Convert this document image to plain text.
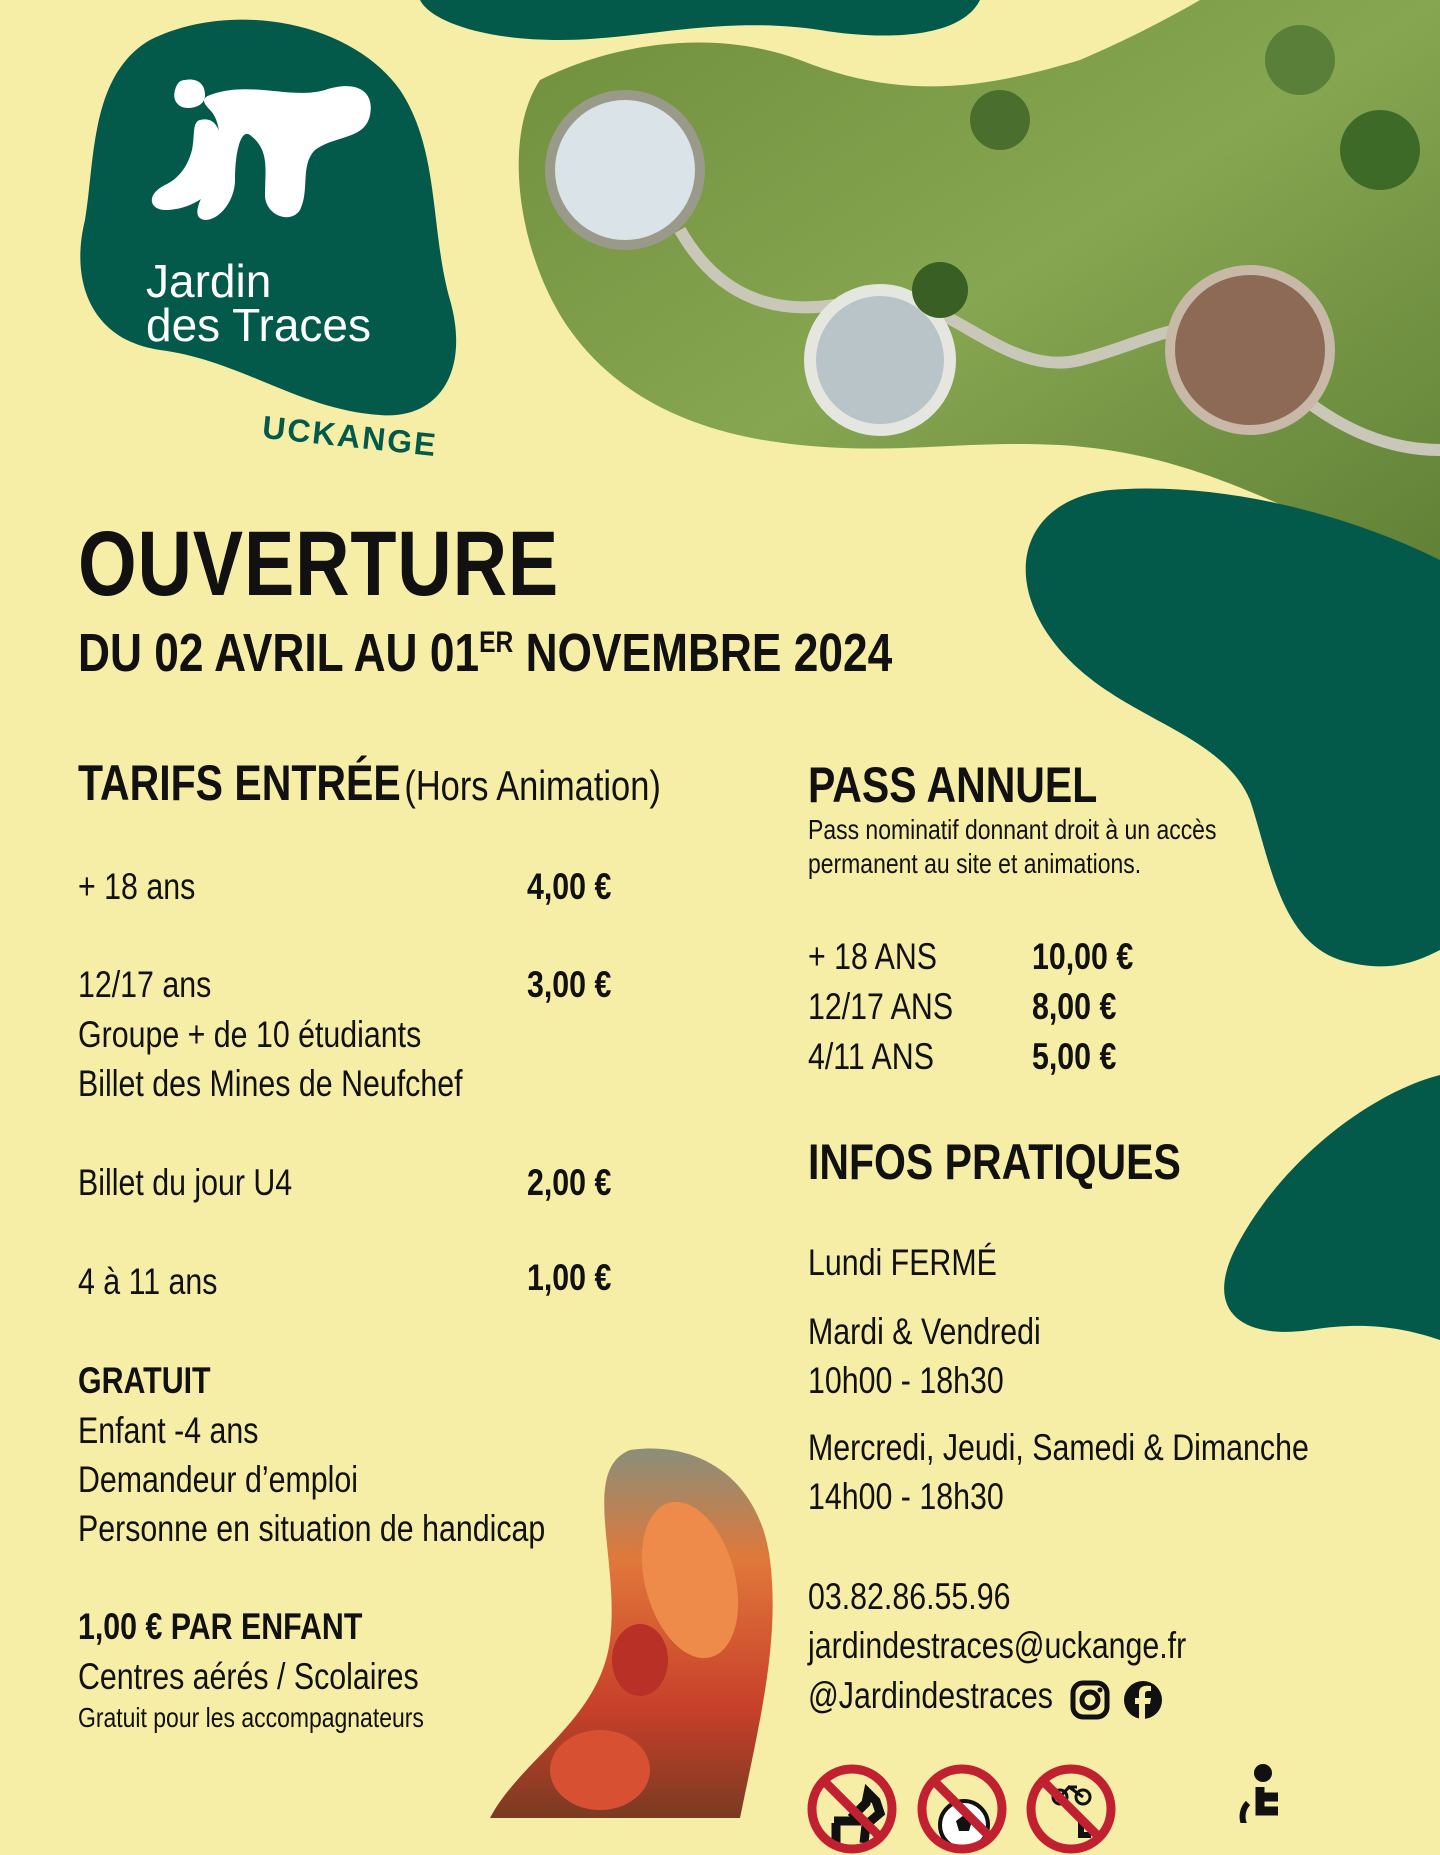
Jardin
des Traces
UCKANGE
OUVERTURE
DU 02 AVRIL AU 01ER NOVEMBRE 2024
TARIFS ENTRÉE (Hors Animation)
+ 18 ans	4,00 €
12/17 ans	3,00 €
Groupe + de 10 étudiants
Billet des Mines de Neufchef
Billet du jour U4	2,00 €
4 à 11 ans	1,00 €
GRATUIT
Enfant -4 ans
Demandeur d’emploi
Personne en situation de handicap
1,00 € PAR ENFANT
Centres aérés / Scolaires
Gratuit pour les accompagnateurs
PASS ANNUEL
Pass nominatif donnant droit à un accès
permanent au site et animations.
+ 18 ANS	10,00 €
12/17 ANS	8,00 €
4/11 ANS	5,00 €
INFOS PRATIQUES
Lundi FERMÉ
Mardi & Vendredi
10h00 - 18h30
Mercredi, Jeudi, Samedi & Dimanche
14h00 - 18h30
03.82.86.55.96
jardindestraces@uckange.fr
@Jardindestraces
